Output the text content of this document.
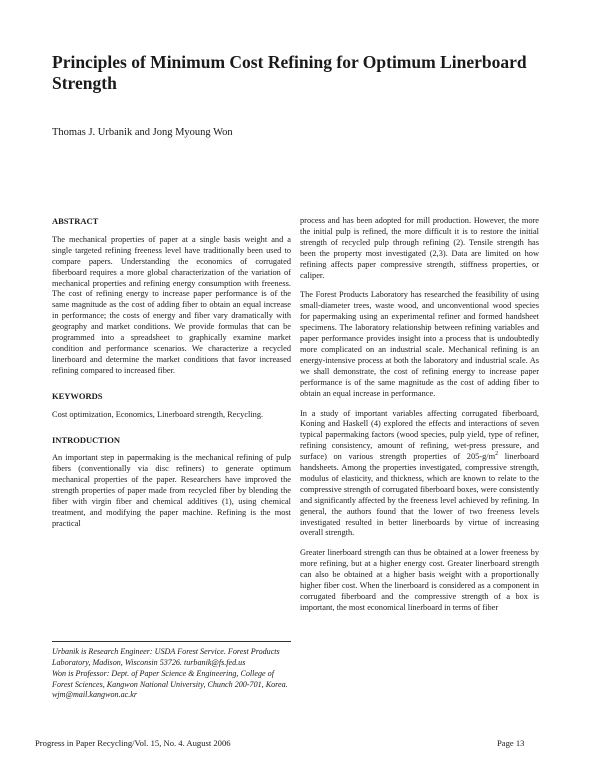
Principles of Minimum Cost Refining for Optimum Linerboard Strength
Thomas J. Urbanik and Jong Myoung Won

ABSTRACT

The mechanical properties of paper at a single basis weight and a single targeted refining freeness level have traditionally been used to compare papers. Understanding the economics of corrugated fiberboard requires a more global characterization of the variation of mechanical properties and refining energy consumption with freeness. The cost of refining energy to increase paper performance is of the same magnitude as the cost of adding fiber to obtain an equal increase in performance; the costs of energy and fiber vary dramatically with geography and market conditions. We provide formulas that can be programmed into a spreadsheet to graphically examine market condition and performance scenarios. We characterize a recycled linerboard and determine the market conditions that favor increased refining compared to increased fiber.

KEYWORDS

Cost optimization, Economics, Linerboard strength, Recycling.

INTRODUCTION

An important step in papermaking is the mechanical refining of pulp fibers (conventionally via disc refiners) to generate optimum mechanical properties of the paper. Researchers have improved the strength properties of paper made from recycled fiber by blending the fiber with virgin fiber and chemical additives (1), using chemical treatment, and modifying the paper machine. Refining is the most practical

Urbanik is Research Engineer: USDA Forest Service. Forest Products Laboratory, Madison, Wisconsin 53726. turbanik@fs.fed.us

Won is Professor: Dept. of Paper Science & Engineering, College of Forest Sciences, Kangwon National University, Chunch 200-701, Korea. wjm@mail.kangwon.ac.kr

process and has been adopted for mill production. However, the more the initial pulp is refined, the more difficult it is to restore the initial strength of recycled pulp through refining (2). Tensile strength has been the property most investigated (2,3). Data are limited on how refining affects paper compressive strength, stiffness properties, or caliper.

The Forest Products Laboratory has researched the feasibility of using small-diameter trees, waste wood, and unconventional wood species for papermaking using an experimental refiner and formed handsheet specimens. The laboratory relationship between refining variables and paper performance provides insight into a process that is undoubtedly more complicated on an industrial scale. Mechanical refining is an energy-intensive process at both the laboratory and industrial scale. As we shall demonstrate, the cost of refining energy to increase paper performance is of the same magnitude as the cost of adding fiber to obtain an equal increase in performance.

In a study of important variables affecting corrugated fiberboard, Koning and Haskell (4) explored the effects and interactions of seven typical papermaking factors (wood species, pulp yield, type of refiner, refining consistency, amount of refining, wet-press pressure, and surface) on various strength properties of $205-g/m^2$ linerboard handsheets. Among the properties investigated, compressive strength, modulus of elasticity, and thickness, which are known to relate to the compressive strength of corrugated fiberboard boxes, were consistently and significantly affected by the freeness level achieved by refining. In general, the authors found that the lower of two freeness levels investigated resulted in better linerboards by virtue of increasing overall strength.

Greater linerboard strength can thus be obtained at a lower freeness by more refining, but at a higher energy cost. Greater linerboard strength can also be obtained at a higher basis weight with a proportionally higher fiber cost. When the linerboard is considered as a component in corrugated fiberboard and the compressive strength of a box is important, the most economical linerboard in terms of fiber

Progress in Paper Recycling/Vol. 15, No. 4. August 2006	Page 13
